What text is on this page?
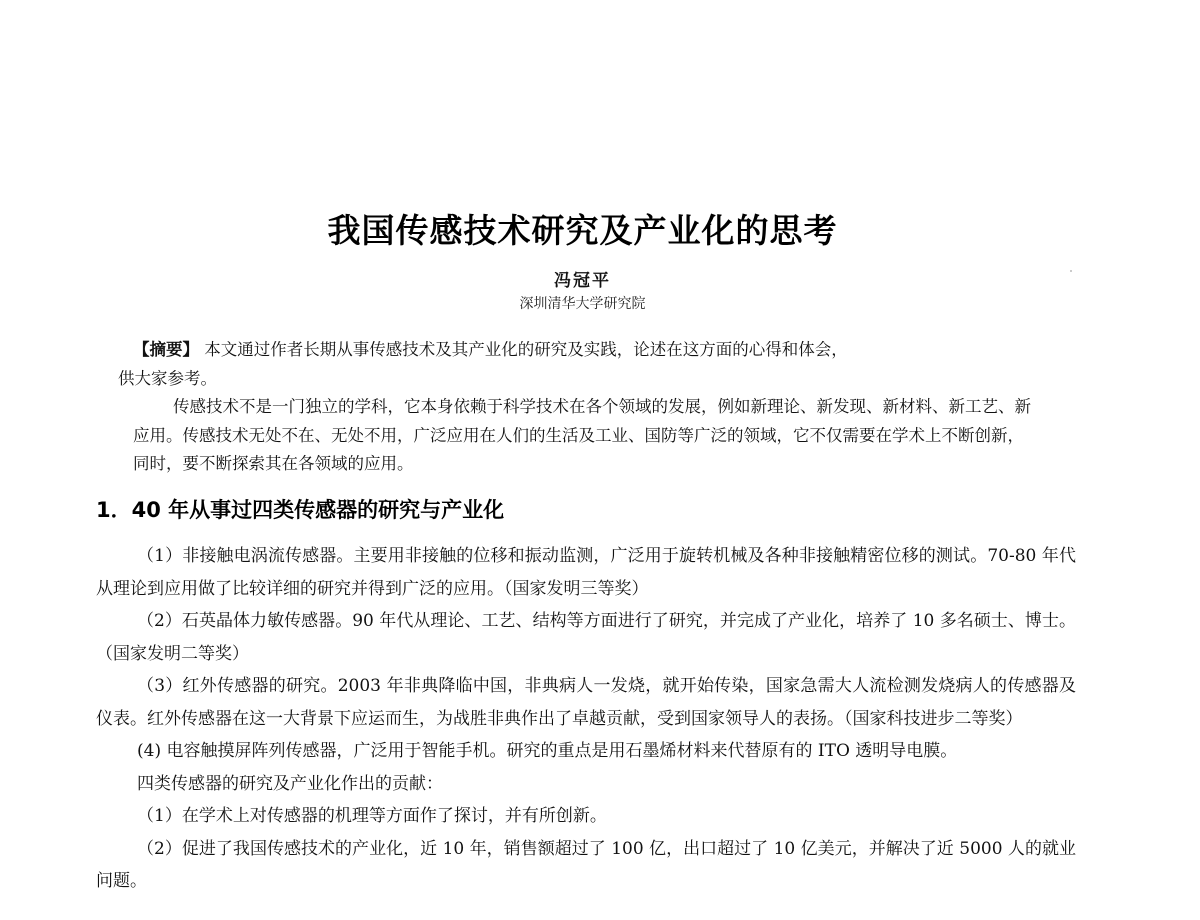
我国传感技术研究及产业化的思考
冯冠平
深圳清华大学研究院

【摘要】 本文通过作者长期从事传感技术及其产业化的研究及实践，论述在这方面的心得和体会，

供大家参考。

传感技术不是一门独立的学科，它本身依赖于科学技术在各个领域的发展，例如新理论、新发现、新材料、新工艺、新应用。传感技术无处不在、无处不用，广泛应用在人们的生活及工业、国防等广泛的领域，它不仅需要在学术上不断创新，同时，要不断探索其在各领域的应用。

1．40 年从事过四类传感器的研究与产业化

（1）非接触电涡流传感器。主要用非接触的位移和振动监测，广泛用于旋转机械及各种非接触精密位移的测试。70-80 年代从理论到应用做了比较详细的研究并得到广泛的应用。（国家发明三等奖）

（2）石英晶体力敏传感器。90 年代从理论、工艺、结构等方面进行了研究，并完成了产业化，培养了 10 多名硕士、博士。（国家发明二等奖）

（3）红外传感器的研究。2003 年非典降临中国，非典病人一发烧，就开始传染，国家急需大人流检测发烧病人的传感器及仪表。红外传感器在这一大背景下应运而生，为战胜非典作出了卓越贡献，受到国家领导人的表扬。（国家科技进步二等奖）

(4) 电容触摸屏阵列传感器，广泛用于智能手机。研究的重点是用石墨烯材料来代替原有的 ITO 透明导电膜。

四类传感器的研究及产业化作出的贡献：

（1）在学术上对传感器的机理等方面作了探讨，并有所创新。

（2）促进了我国传感技术的产业化，近 10 年，销售额超过了 100 亿，出口超过了 10 亿美元，并解决了近 5000 人的就业问题。
